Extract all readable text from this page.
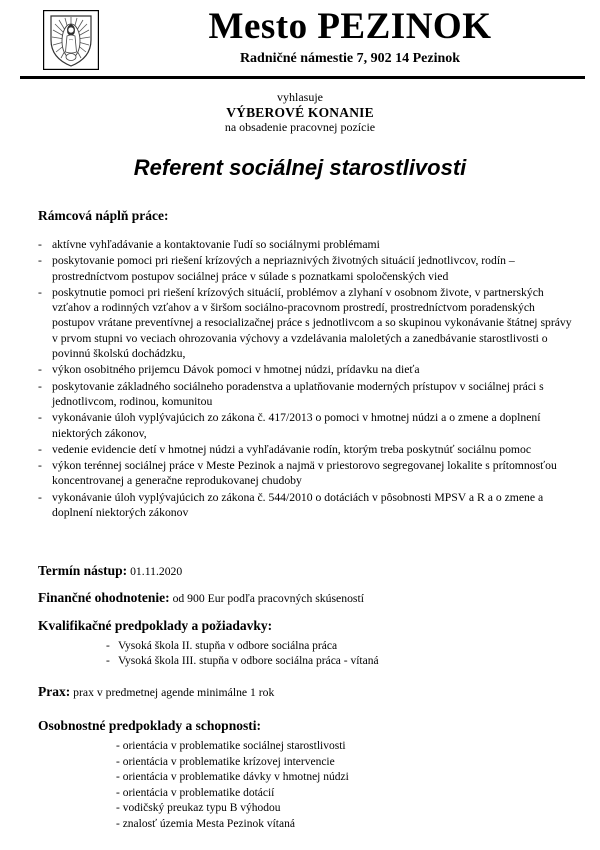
Mesto PEZINOK
Radničné námestie 7, 902 14 Pezinok
vyhlasuje
VÝBEROVÉ KONANIE
na obsadenie pracovnej pozície
Referent sociálnej starostlivosti
Rámcová náplň práce:
- aktívne vyhľadávanie a kontaktovanie ľudí so sociálnymi problémami
- poskytovanie pomoci pri riešení krízových a nepriaznivých životných situácií jednotlivcov, rodín – prostredníctvom postupov sociálnej práce v súlade s poznatkami spoločenských vied
- poskytnutie pomoci pri riešení krízových situácií, problémov a zlyhaní v osobnom živote, v partnerských vzťahov a rodinných vzťahov a v širšom sociálno-pracovnom prostredí, prostredníctvom poradenských postupov vrátane preventívnej a resocializačnej práce s jednotlivcom a so skupinou vykonávanie štátnej správy v prvom stupni vo veciach ohrozovania výchovy a vzdelávania maloletých a zanedbávanie starostlivosti o povinnú školskú dochádzku,
- výkon osobitného prijemcu Dávok pomoci v hmotnej núdzi, prídavku na dieťa
- poskytovanie základného sociálneho poradenstva a uplatňovanie moderných prístupov v sociálnej práci s jednotlivcom, rodinou, komunitou
- vykonávanie úloh vyplývajúcich zo zákona č. 417/2013 o pomoci v hmotnej núdzi a o zmene a doplnení niektorých zákonov,
- vedenie evidencie detí v hmotnej núdzi a vyhľadávanie rodín, ktorým treba poskytnúť sociálnu pomoc
- výkon terénnej sociálnej práce v Meste Pezinok a najmä v priestorovo segregovanej lokalite s prítomnosťou koncentrovanej a generačne reprodukovanej chudoby
- vykonávanie úloh vyplývajúcich zo zákona č. 544/2010 o dotáciách v pôsobnosti MPSV a R a o zmene a doplnení niektorých zákonov
Termín nástup: 01.11.2020
Finančné ohodnotenie: od 900 Eur podľa pracovných skúseností
Kvalifikačné predpoklady a požiadavky:
- Vysoká škola II. stupňa v odbore sociálna práca
- Vysoká škola III. stupňa v odbore sociálna práca - vítaná
Prax: prax v predmetnej agende minimálne 1 rok
Osobnostné predpoklady a schopnosti:
- orientácia v problematike sociálnej starostlivosti
- orientácia v problematike krízovej intervencie
- orientácia v problematike dávky v hmotnej núdzi
- orientácia v problematike dotácií
- vodičský preukaz typu B výhodou
- znalosť územia Mesta Pezinok vítaná
